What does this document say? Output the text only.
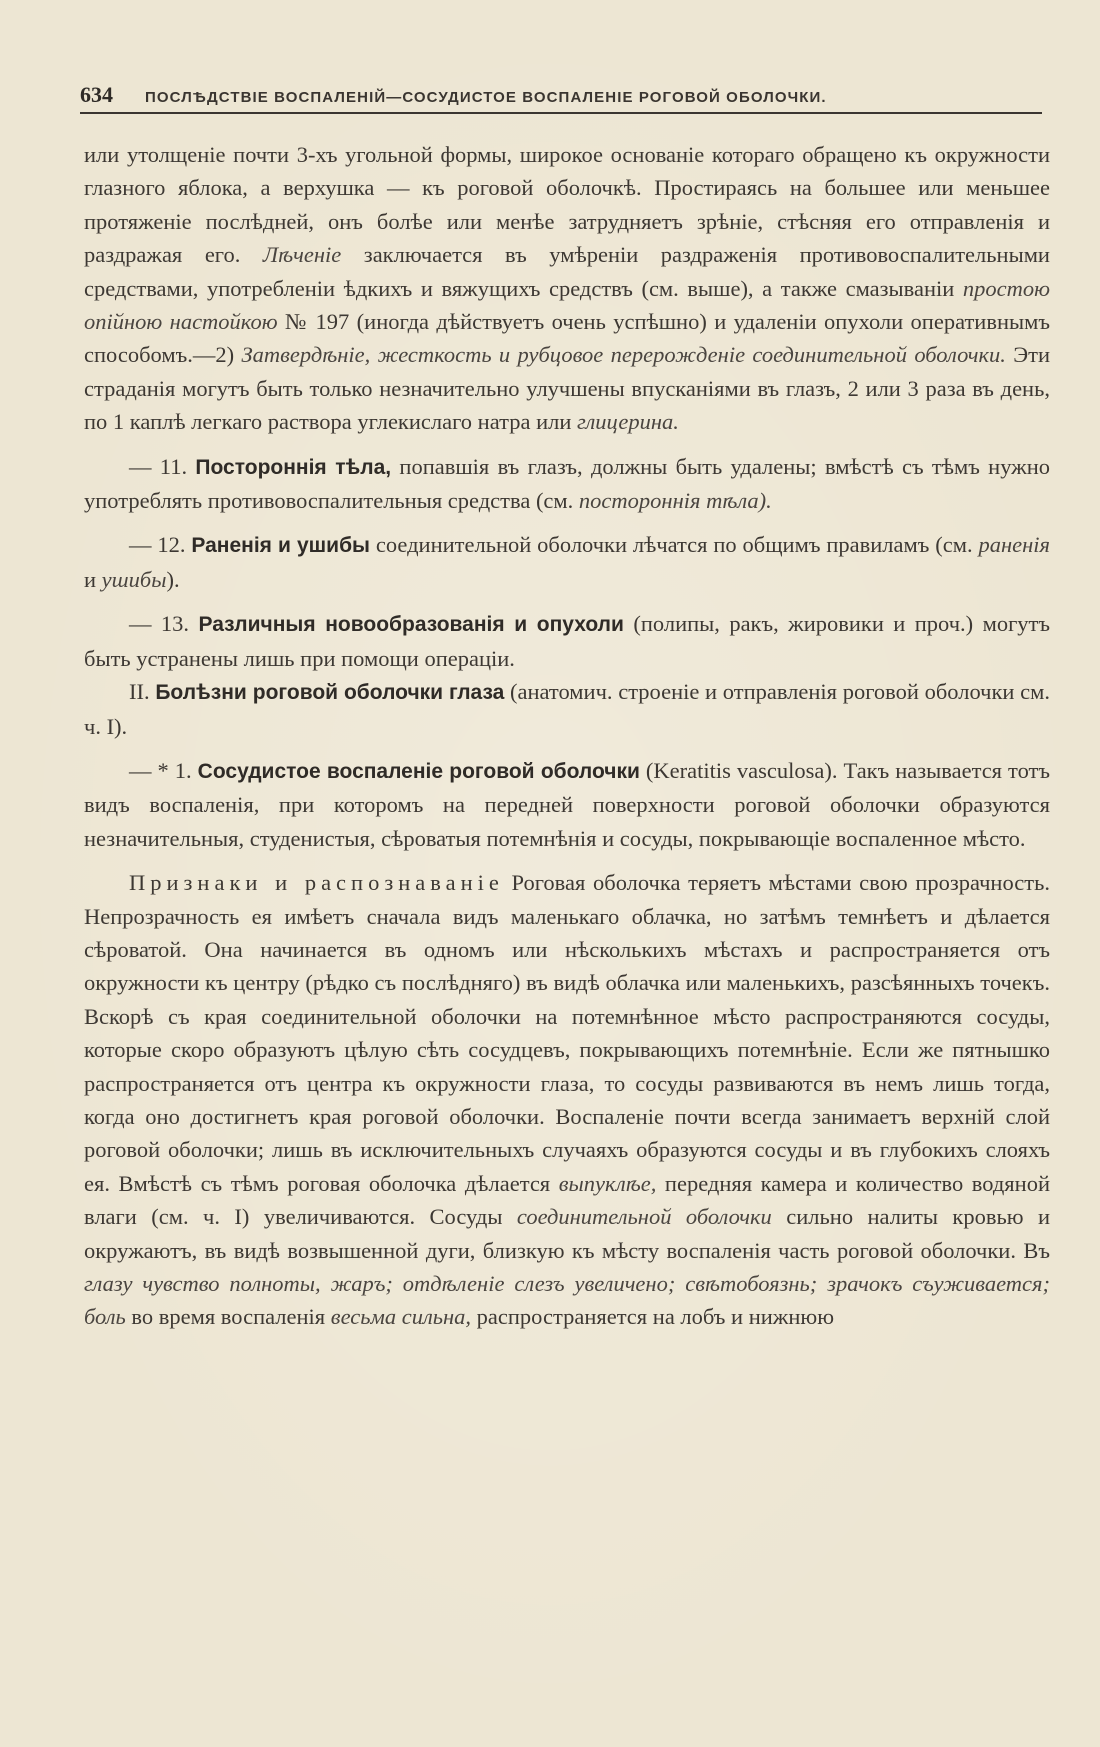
634 ПОСЛѢДСТВІЕ ВОСПАЛЕНІЙ—СОСУДИСТОЕ ВОСПАЛЕНІЕ РОГОВОЙ ОБОЛОЧКИ.

или утолщеніе почти 3-хъ угольной формы, широкое основаніе котораго обращено къ окружности глазного яблока, а верхушка — къ роговой оболочкѣ. Простираясь на большее или меньшее протяженіе послѣдней, онъ болѣе или менѣе затрудняетъ зрѣніе, стѣсняя его отправленія и раздражая его. Лѣченіе заключается въ умѣреніи раздраженія противовоспалительными средствами, употребленіи ѣдкихъ и вяжущихъ средствъ (см. выше), а также смазываніи простою опійною настойкою № 197 (иногда дѣйствуетъ очень успѣшно) и удаленіи опухоли оперативнымъ способомъ.—2) Затвердѣніе, жесткость и рубцовое перерожденіе соединительной оболочки. Эти страданія могутъ быть только незначительно улучшены впусканіями въ глазъ, 2 или 3 раза въ день, по 1 каплѣ легкаго раствора углекислаго натра или глицерина.

— 11. Постороннія тѣла, попавшія въ глазъ, должны быть удалены; вмѣстѣ съ тѣмъ нужно употреблять противовоспалительныя средства (см. постороннія тѣла).

— 12. Раненія и ушибы соединительной оболочки лѣчатся по общимъ правиламъ (см. раненія и ушибы).

— 13. Различныя новообразованія и опухоли (полипы, ракъ, жировики и проч.) могутъ быть устранены лишь при помощи операціи.

II. Болѣзни роговой оболочки глаза (анатомич. строеніе и отправленія роговой оболочки см. ч. I).

— * 1. Сосудистое воспаленіе роговой оболочки (Keratitis vasculosa). Такъ называется тотъ видъ воспаленія, при которомъ на передней поверхности роговой оболочки образуются незначительныя, студенистыя, сѣроватыя потемнѣнія и сосуды, покрывающіе воспаленное мѣсто.

Признаки и распознаваніе Роговая оболочка теряетъ мѣстами свою прозрачность. Непрозрачность ея имѣетъ сначала видъ маленькаго облачка, но затѣмъ темнѣетъ и дѣлается сѣроватой. Она начинается въ одномъ или нѣсколькихъ мѣстахъ и распространяется отъ окружности къ центру (рѣдко съ послѣдняго) въ видѣ облачка или маленькихъ, разсѣянныхъ точекъ. Вскорѣ съ края соединительной оболочки на потемнѣнное мѣсто распространяются сосуды, которые скоро образуютъ цѣлую сѣть сосудцевъ, покрывающихъ потемнѣніе. Если же пятнышко распространяется отъ центра къ окружности глаза, то сосуды развиваются въ немъ лишь тогда, когда оно достигнетъ края роговой оболочки. Воспаленіе почти всегда занимаетъ верхній слой роговой оболочки; лишь въ исключительныхъ случаяхъ образуются сосуды и въ глубокихъ слояхъ ея. Вмѣстѣ съ тѣмъ роговая оболочка дѣлается выпуклѣе, передняя камера и количество водяной влаги (см. ч. I) увеличиваются. Сосуды соединительной оболочки сильно налиты кровью и окружаютъ, въ видѣ возвышенной дуги, близкую къ мѣсту воспаленія часть роговой оболочки. Въ глазу чувство полноты, жаръ; отдѣленіе слезъ увеличено; свѣтобоязнь; зрачокъ съуживается; боль во время воспаленія весьма сильна, распространяется на лобъ и нижнюю
